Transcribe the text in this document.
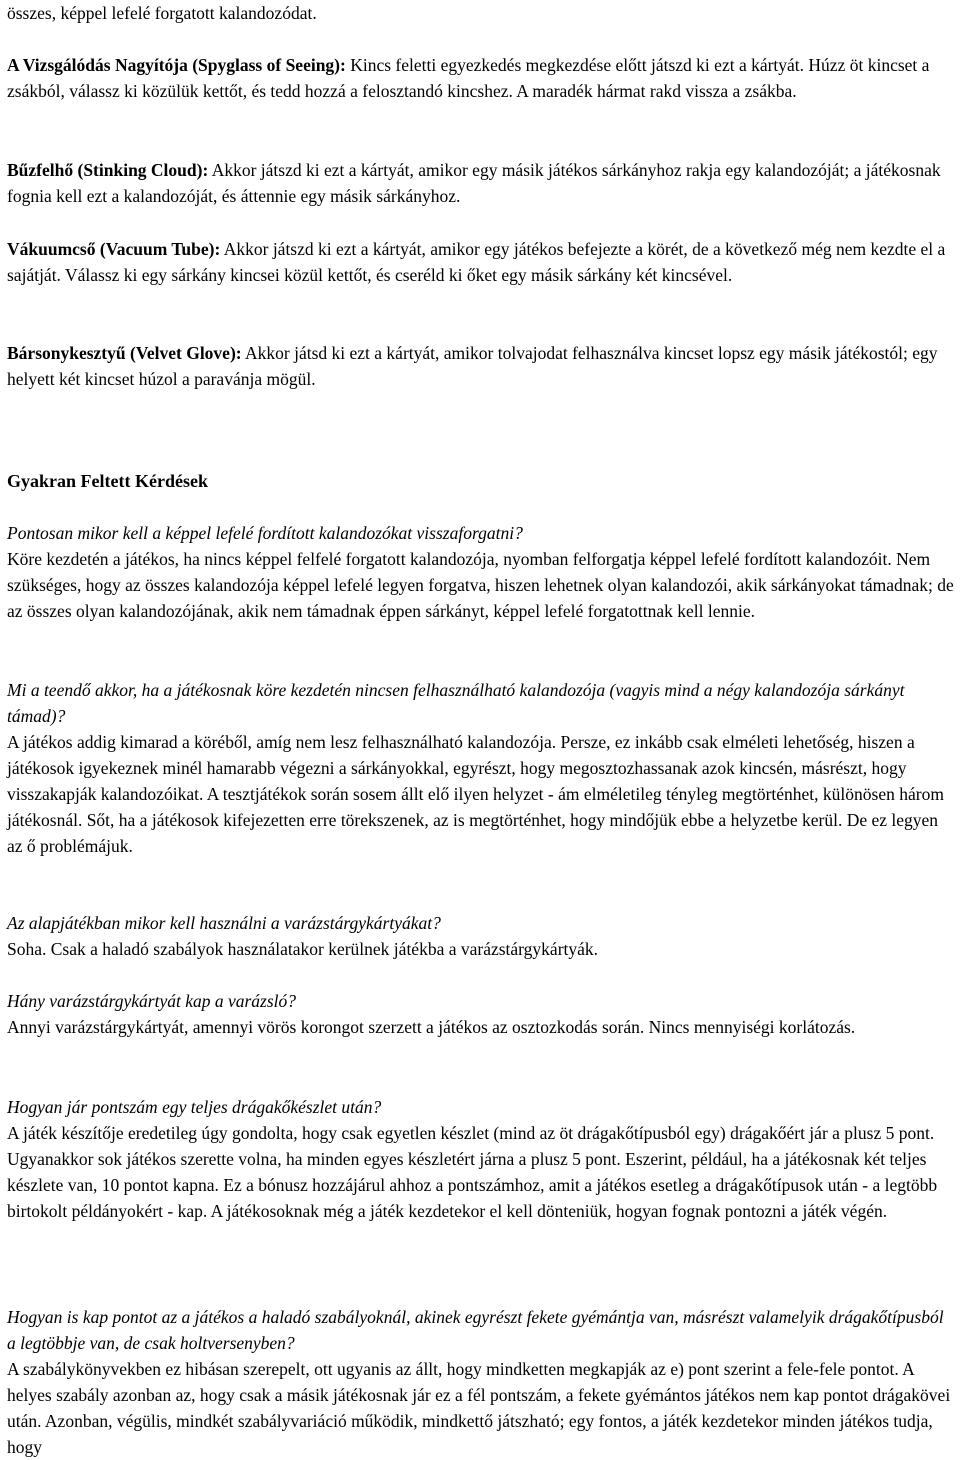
összes, képpel lefelé forgatott kalandozódat.

A Vizsgálódás Nagyítója (Spyglass of Seeing): Kincs feletti egyezkedés megkezdése előtt játszd ki ezt a kártyát. Húzz öt kincset a zsákból, válassz ki közülük kettőt, és tedd hozzá a felosztandó kincshez. A maradék hármat rakd vissza a zsákba.

Bűzfelhő (Stinking Cloud): Akkor játszd ki ezt a kártyát, amikor egy másik játékos sárkányhoz rakja egy kalandozóját; a játékosnak fognia kell ezt a kalandozóját, és áttennie egy másik sárkányhoz.

Vákuumcső (Vacuum Tube): Akkor játszd ki ezt a kártyát, amikor egy játékos befejezte a körét, de a következő még nem kezdte el a sajátját. Válassz ki egy sárkány kincsei közül kettőt, és cseréld ki őket egy másik sárkány két kincsével.

Bársonykesztyű (Velvet Glove): Akkor játsd ki ezt a kártyát, amikor tolvajodat felhasználva kincset lopsz egy másik játékostól; egy helyett két kincset húzol a paravánja mögül.

Gyakran Feltett Kérdések

Pontosan mikor kell a képpel lefelé fordított kalandozókat visszaforgatni?

Köre kezdetén a játékos, ha nincs képpel felfelé forgatott kalandozója, nyomban felforgatja képpel lefelé fordított kalandozóit. Nem szükséges, hogy az összes kalandozója képpel lefelé legyen forgatva, hiszen lehetnek olyan kalandozói, akik sárkányokat támadnak; de az összes olyan kalandozójának, akik nem támadnak éppen sárkányt, képpel lefelé forgatottnak kell lennie.

Mi a teendő akkor, ha a játékosnak köre kezdetén nincsen felhasználható kalandozója (vagyis mind a négy kalandozója sárkányt támad)?

A játékos addig kimarad a köréből, amíg nem lesz felhasználható kalandozója. Persze, ez inkább csak elméleti lehetőség, hiszen a játékosok igyekeznek minél hamarabb végezni a sárkányokkal, egyrészt, hogy megosztozhassanak azok kincsén, másrészt, hogy visszakapják kalandozóikat. A tesztjátékok során sosem állt elő ilyen helyzet - ám elméletileg tényleg megtörténhet, különösen három játékosnál. Sőt, ha a játékosok kifejezetten erre törekszenek, az is megtörténhet, hogy mindőjük ebbe a helyzetbe kerül. De ez legyen az ő problémájuk.

Az alapjátékban mikor kell használni a varázstárgykártyákat?

Soha. Csak a haladó szabályok használatakor kerülnek játékba a varázstárgykártyák.

Hány varázstárgykártyát kap a varázsló?

Annyi varázstárgykártyát, amennyi vörös korongot szerzett a játékos az osztozkodás során. Nincs mennyiségi korlátozás.

Hogyan jár pontszám egy teljes drágakőkészlet után?

A játék készítője eredetileg úgy gondolta, hogy csak egyetlen készlet (mind az öt drágakőtípusból egy) drágakőért jár a plusz 5 pont. Ugyanakkor sok játékos szerette volna, ha minden egyes készletért járna a plusz 5 pont. Eszerint, például, ha a játékosnak két teljes készlete van, 10 pontot kapna. Ez a bónusz hozzájárul ahhoz a pontszámhoz, amit a játékos esetleg a drágakőtípusok után - a legtöbb birtokolt példányokért - kap. A játékosoknak még a játék kezdetekor el kell dönteniük, hogyan fognak pontozni a játék végén.

Hogyan is kap pontot az a játékos a haladó szabályoknál, akinek egyrészt fekete gyémántja van, másrészt valamelyik drágakőtípusból a legtöbbje van, de csak holtversenyben?

A szabálykönyvekben ez hibásan szerepelt, ott ugyanis az állt, hogy mindketten megkapják az e) pont szerint a fele-fele pontot. A helyes szabály azonban az, hogy csak a másik játékosnak jár ez a fél pontszám, a fekete gyémántos játékos nem kap pontot drágakövei után. Azonban, végülis, mindkét szabályvariáció működik, mindkettő játszható; egy fontos, a játék kezdetekor minden játékos tudja, hogy
